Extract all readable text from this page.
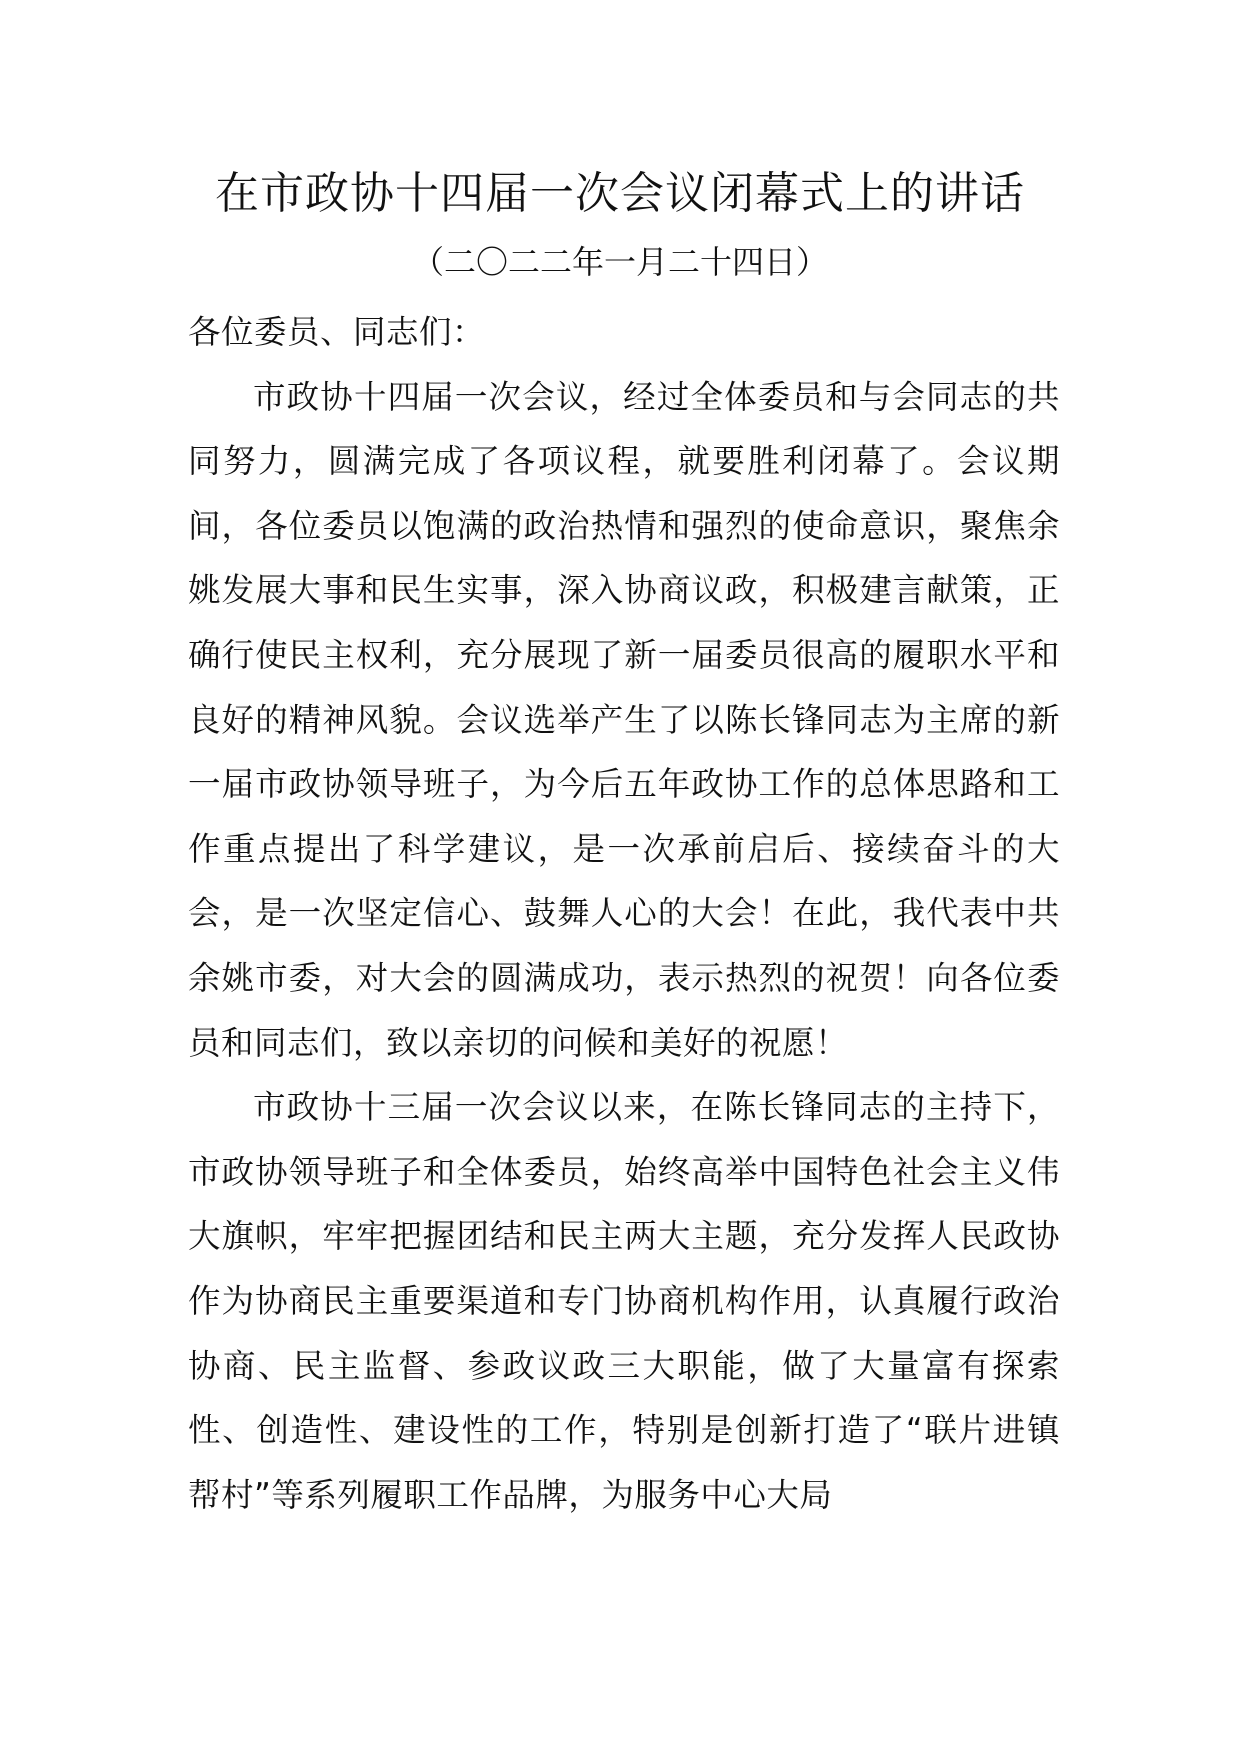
在市政协十四届一次会议闭幕式上的讲话
（二〇二二年一月二十四日）

各位委员、同志们：

市政协十四届一次会议，经过全体委员和与会同志的共同努力，圆满完成了各项议程，就要胜利闭幕了。会议期间，各位委员以饱满的政治热情和强烈的使命意识，聚焦余姚发展大事和民生实事，深入协商议政，积极建言献策，正确行使民主权利，充分展现了新一届委员很高的履职水平和良好的精神风貌。会议选举产生了以陈长锋同志为主席的新一届市政协领导班子，为今后五年政协工作的总体思路和工作重点提出了科学建议，是一次承前启后、接续奋斗的大会，是一次坚定信心、鼓舞人心的大会！在此，我代表中共余姚市委，对大会的圆满成功，表示热烈的祝贺！向各位委员和同志们，致以亲切的问候和美好的祝愿！

市政协十三届一次会议以来，在陈长锋同志的主持下，市政协领导班子和全体委员，始终高举中国特色社会主义伟大旗帜，牢牢把握团结和民主两大主题，充分发挥人民政协作为协商民主重要渠道和专门协商机构作用，认真履行政治协商、民主监督、参政议政三大职能，做了大量富有探索性、创造性、建设性的工作，特别是创新打造了“联片进镇帮村”等系列履职工作品牌，为服务中心大局
